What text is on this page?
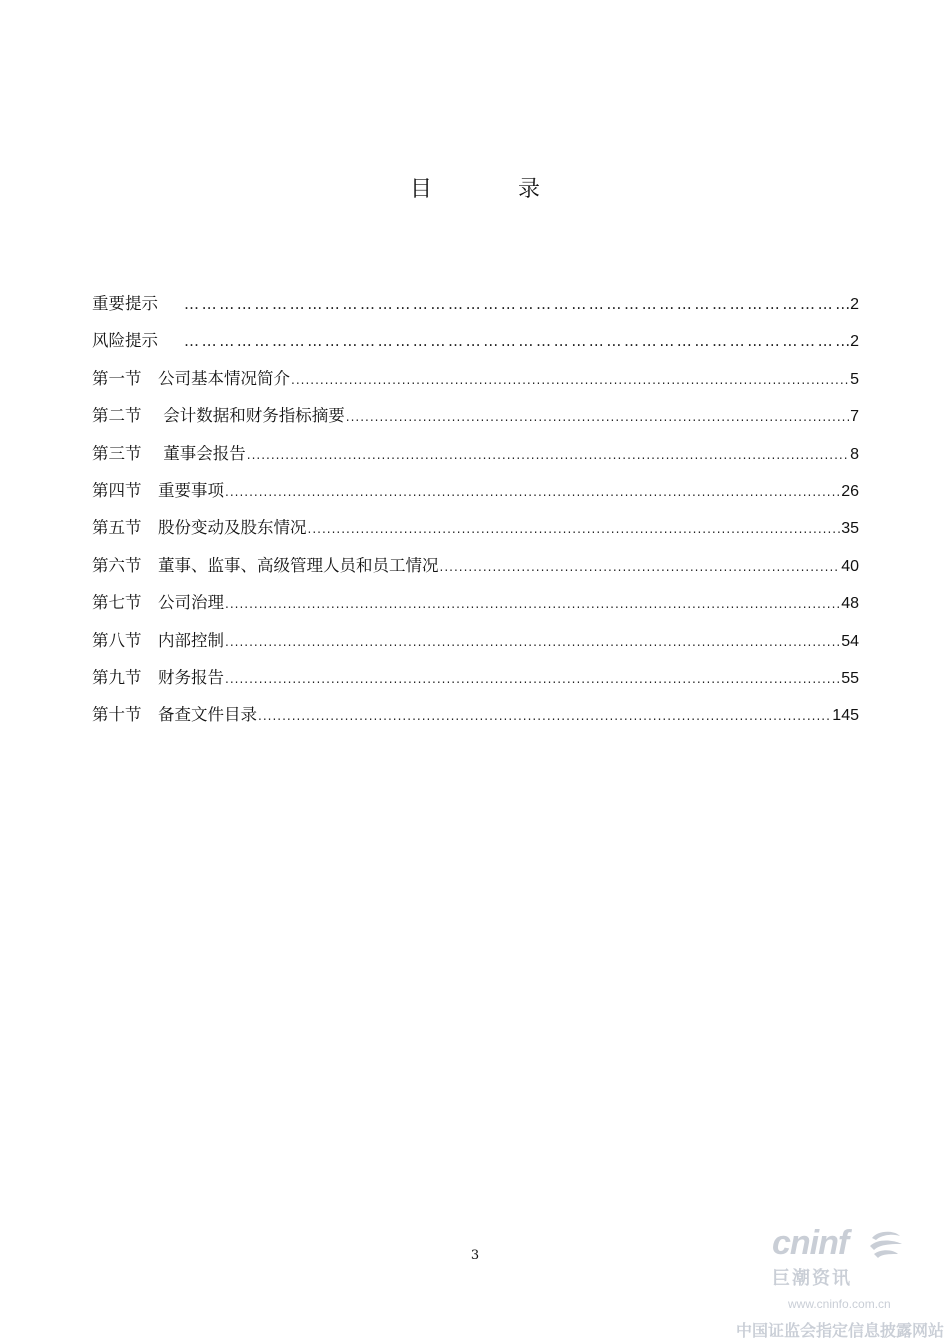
目　录
重要提示 ……………………………………………………………………………………………………………	2
风险提示 ……………………………………………………………………………………………………………	2
第一节　公司基本情况简介 .....	5
第二节　 会计数据和财务指标摘要 .....	7
第三节　 董事会报告 .....	8
第四节　重要事项 .....	26
第五节　股份变动及股东情况 .....	35
第六节　董事、监事、高级管理人员和员工情况 .....	40
第七节　公司治理 .....	48
第八节　内部控制 .....	54
第九节　财务报告 .....	55
第十节　备查文件目录 .....	145
3	cninf
巨潮资讯
www.cninfo.com.cn
中国证监会指定信息披露网站
